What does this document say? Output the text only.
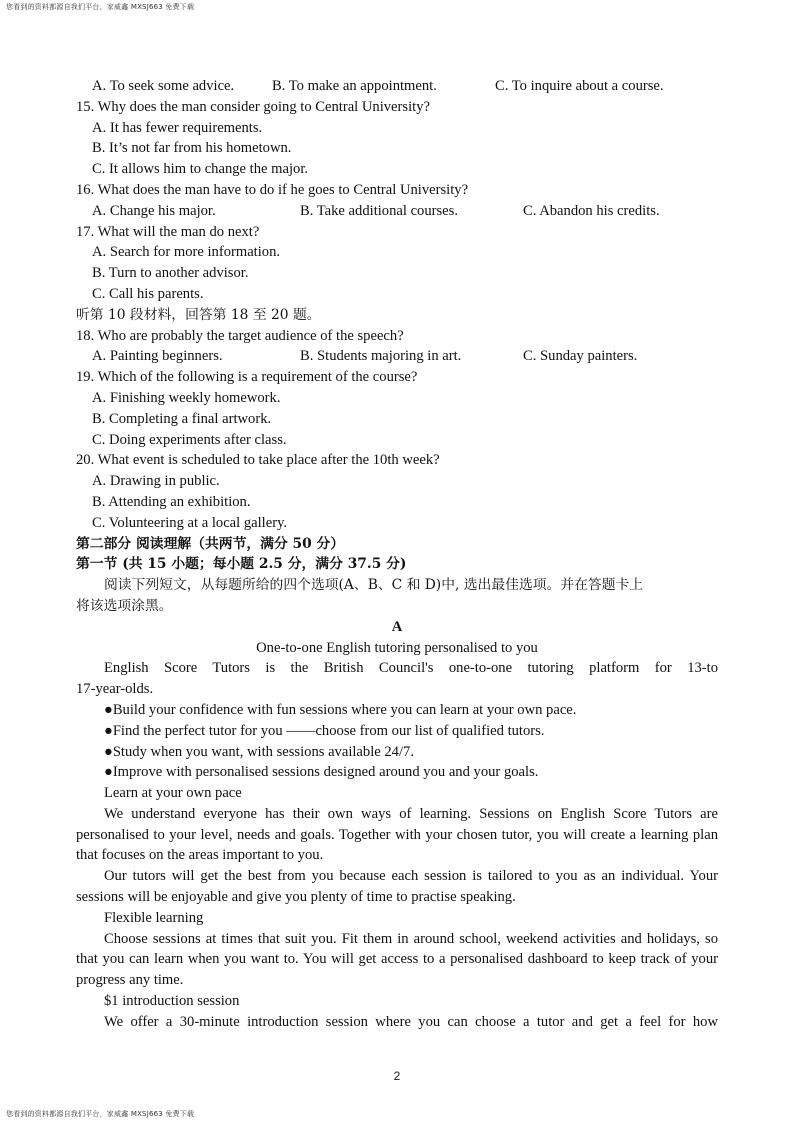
您看到的资料都源自我们平台，家威鑫 MXSJ663 免费下载
A. To seek some advice.	B. To make an appointment.	C. To inquire about a course.
15. Why does the man consider going to Central University?
A. It has fewer requirements.
B. It’s not far from his hometown.
C. It allows him to change the major.
16. What does the man have to do if he goes to Central University?
A. Change his major.	B. Take additional courses.	C. Abandon his credits.
17. What will the man do next?
A. Search for more information.
B. Turn to another advisor.
C. Call his parents.
听第 10 段材料，回答第 18 至 20 题。
18. Who are probably the target audience of the speech?
A. Painting beginners.	B. Students majoring in art.	C. Sunday painters.
19. Which of the following is a requirement of the course?
A. Finishing weekly homework.
B. Completing a final artwork.
C. Doing experiments after class.
20. What event is scheduled to take place after the 10th week?
A. Drawing in public.
B. Attending an exhibition.
C. Volunteering at a local gallery.
第二部分 阅读理解（共两节，满分 50 分）
第一节 (共 15 小题；每小题 2.5 分，满分 37.5 分)
阅读下列短文，从每题所给的四个选项(A、B、C 和 D)中, 选出最佳选项。并在答题卡上
将该选项涂黑。
A
One-to-one English tutoring personalised to you
English Score Tutors is the British Council's one-to-one tutoring platform for 13-to
17-year-olds.
●Build your confidence with fun sessions where you can learn at your own pace.
●Find the perfect tutor for you ——choose from our list of qualified tutors.
●Study when you want, with sessions available 24/7.
●Improve with personalised sessions designed around you and your goals.
Learn at your own pace
We understand everyone has their own ways of learning. Sessions on English Score Tutors are personalised to your level, needs and goals. Together with your chosen tutor, you will create a learning plan that focuses on the areas important to you.
Our tutors will get the best from you because each session is tailored to you as an individual. Your sessions will be enjoyable and give you plenty of time to practise speaking.
Flexible learning
Choose sessions at times that suit you. Fit them in around school, weekend activities and holidays, so that you can learn when you want to. You will get access to a personalised dashboard to keep track of your progress any time.
$1 introduction session
We offer a 30-minute introduction session where you can choose a tutor and get a feel for how
2
您看到的资料都源自我们平台，家威鑫 MXSJ663 免费下载
